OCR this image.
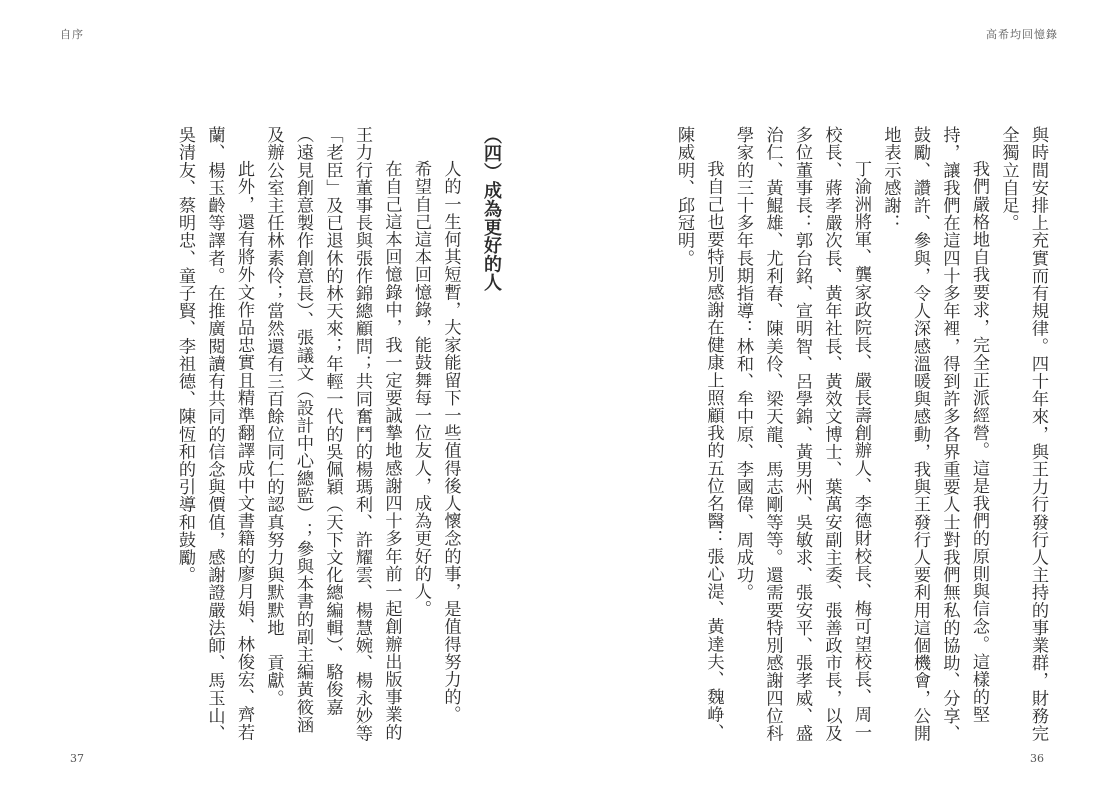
自序	高希均回憶錄

與時間安排上充實而有規律。四十年來，與王力行發行人主持的事業群，財務完全獨立自足。

我們嚴格地自我要求，完全正派經營。這是我們的原則與信念。這樣的堅持，讓我們在這四十多年裡，得到許多各界重要人士對我們無私的協助、分享、鼓勵、讚許、參與，令人深感溫暖與感動，我與王發行人要利用這個機會，公開地表示感謝：

丁渝洲將軍、龔家政院長、嚴長壽創辦人、李德財校長、梅可望校長、周一校長、蔣孝嚴次長、黃年社長、黃效文博士、葉萬安副主委、張善政市長，以及多位董事長：郭台銘、宣明智、呂學錦、黃男州、吳敏求、張安平、張孝威、盛治仁、黃鯤雄、尤利春、陳美伶、梁天龍、馬志剛等等。還需要特別感謝四位科學家的三十多年長期指導：林和、牟中原、李國偉、周成功。

我自己也要特別感謝在健康上照顧我的五位名醫：張心湜、黃達夫、魏峥、陳威明、邱冠明。

（四）成為更好的人

人的一生何其短暫，大家能留下一些值得後人懷念的事，是值得努力的。

希望自己這本回憶錄，能鼓舞每一位友人，成為更好的人。

在自己這本回憶錄中，我一定要誠摯地感謝四十多年前一起創辦出版事業的王力行董事長與張作錦總顧問；共同奮鬥的楊瑪利、許耀雲、楊慧婉、楊永妙等「老臣」及已退休的林天來；年輕一代的吳佩穎（天下文化總編輯）、駱俊嘉（遠見創意製作創意長）、張議文（設計中心總監）；參與本書的副主編黃筱涵及辦公室主任林素伶；當然還有三百餘位同仁的認真努力與默默地　貢獻。

此外，還有將外文作品忠實且精準翻譯成中文書籍的廖月娟、林俊宏、齊若蘭、楊玉齡等譯者。在推廣閱讀有共同的信念與價值，感謝證嚴法師、馬玉山、吳清友、蔡明忠、童子賢、李祖德、陳恆和的引導和鼓勵。

37	36
